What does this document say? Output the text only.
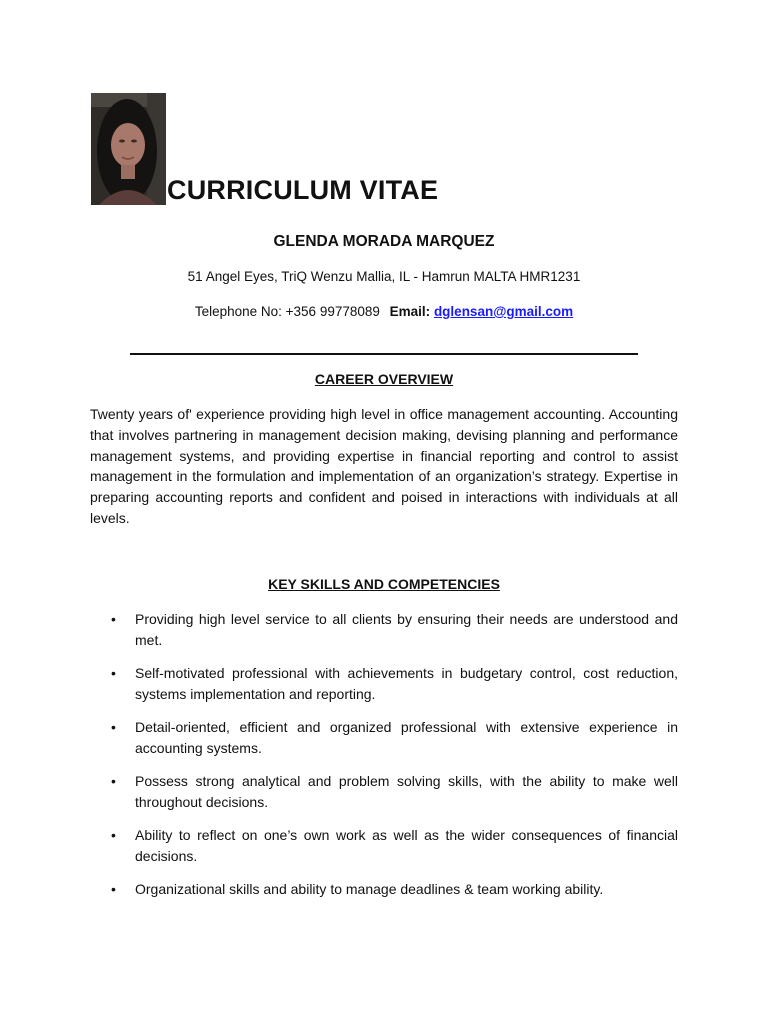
CURRICULUM VITAE
GLENDA MORADA MARQUEZ
51 Angel Eyes, TriQ Wenzu Mallia, IL - Hamrun MALTA HMR1231
Telephone No: +356 99778089 Email: dglensan@gmail.com
CAREER OVERVIEW
Twenty years of' experience providing high level in office management accounting. Accounting that involves partnering in management decision making, devising planning and performance management systems, and providing expertise in financial reporting and control to assist management in the formulation and implementation of an organization’s strategy. Expertise in preparing accounting reports and confident and poised in interactions with individuals at all levels.
KEY SKILLS AND COMPETENCIES
• Providing high level service to all clients by ensuring their needs are understood and met.
• Self-motivated professional with achievements in budgetary control, cost reduction, systems implementation and reporting.
• Detail-oriented, efficient and organized professional with extensive experience in accounting systems.
• Possess strong analytical and problem solving skills, with the ability to make well throughout decisions.
• Ability to reflect on one’s own work as well as the wider consequences of financial decisions.
• Organizational skills and ability to manage deadlines & team working ability.
